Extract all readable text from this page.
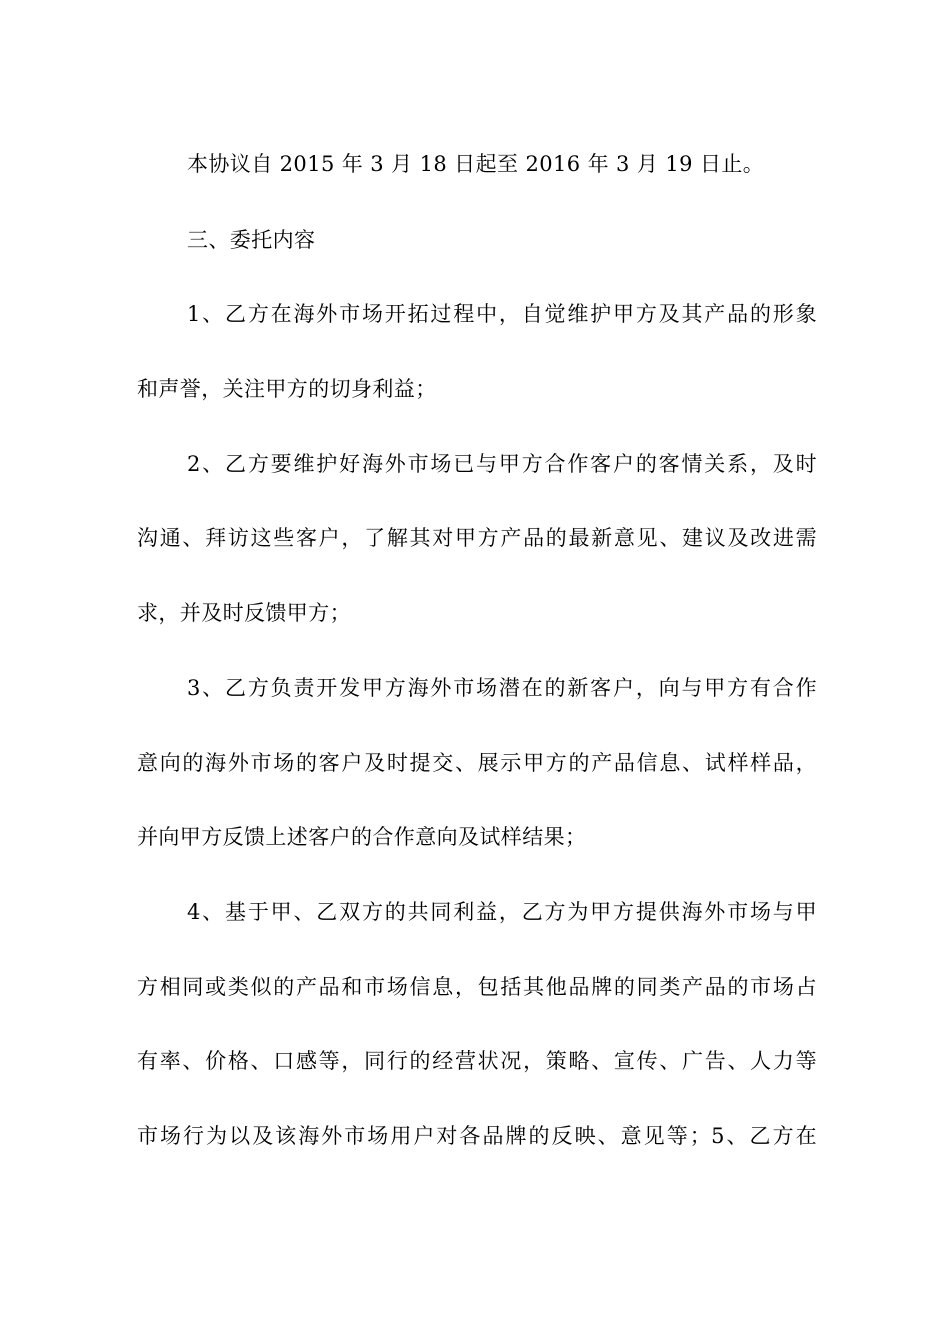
本协议自 2015 年 3 月 18 日起至 2016 年 3 月 19 日止。
三、委托内容
1、乙方在海外市场开拓过程中，自觉维护甲方及其产品的形象
和声誉，关注甲方的切身利益；
2、乙方要维护好海外市场已与甲方合作客户的客情关系，及时
沟通、拜访这些客户，了解其对甲方产品的最新意见、建议及改进需
求，并及时反馈甲方；
3、乙方负责开发甲方海外市场潜在的新客户，向与甲方有合作
意向的海外市场的客户及时提交、展示甲方的产品信息、试样样品，
并向甲方反馈上述客户的合作意向及试样结果；
4、基于甲、乙双方的共同利益，乙方为甲方提供海外市场与甲
方相同或类似的产品和市场信息，包括其他品牌的同类产品的市场占
有率、价格、口感等，同行的经营状况，策略、宣传、广告、人力等
市场行为以及该海外市场用户对各品牌的反映、意见等；5、乙方在
